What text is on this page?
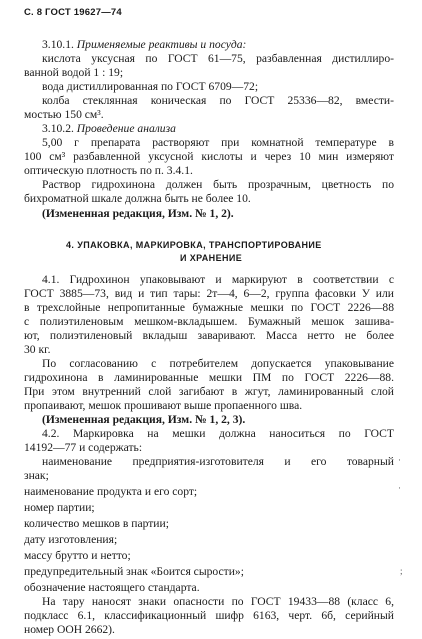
С. 8 ГОСТ 19627—74
3.10.1. Применяемые реактивы и посуда:
кислота уксусная по ГОСТ 61—75, разбавленная дистиллиро-
ванной водой 1 : 19;
вода дистиллированная по ГОСТ 6709—72;
колба стеклянная коническая по ГОСТ 25336—82, вмести-
мостью 150 см³.
3.10.2. Проведение анализа
5,00 г препарата растворяют при комнатной температуре в
100 см³ разбавленной уксусной кислоты и через 10 мин измеряют
оптическую плотность по п. 3.4.1.
Раствор гидрохинона должен быть прозрачным, цветность по
бихроматной шкале должна быть не более 10.
(Измененная редакция, Изм. № 1, 2).
4. УПАКОВКА, МАРКИРОВКА, ТРАНСПОРТИРОВАНИЕ
И ХРАНЕНИЕ
4.1. Гидрохинон упаковывают и маркируют в соответствии с
ГОСТ 3885—73, вид и тип тары: 2т—4, 6—2, группа фасовки У или
в трехслойные непропитанные бумажные мешки по ГОСТ 2226—88
с полиэтиленовым мешком-вкладышем. Бумажный мешок зашива-
ют, полиэтиленовый вкладыш заваривают. Масса нетто не более
30 кг.
По согласованию с потребителем допускается упаковывание
гидрохинона в ламинированные мешки ПМ по ГОСТ 2226—88.
При этом внутренний слой загибают в жгут, ламинированный слой
пропаивают, мешок прошивают выше пропаенного шва.
(Измененная редакция, Изм. № 1, 2, 3).
4.2. Маркировка на мешки должна наноситься по ГОСТ
14192—77 и содержать:
наименование предприятия-изготовителя и его товарный
знак;
наименование продукта и его сорт;
номер партии;
количество мешков в партии;
дату изготовления;
массу брутто и нетто;
предупредительный знак «Боится сырости»;
обозначение настоящего стандарта.
На тару наносят знаки опасности по ГОСТ 19433—88 (класс 6,
подкласс 6.1, классификационный шифр 6163, черт. 6б, серийный
номер ООН 2662).
·
·
;
